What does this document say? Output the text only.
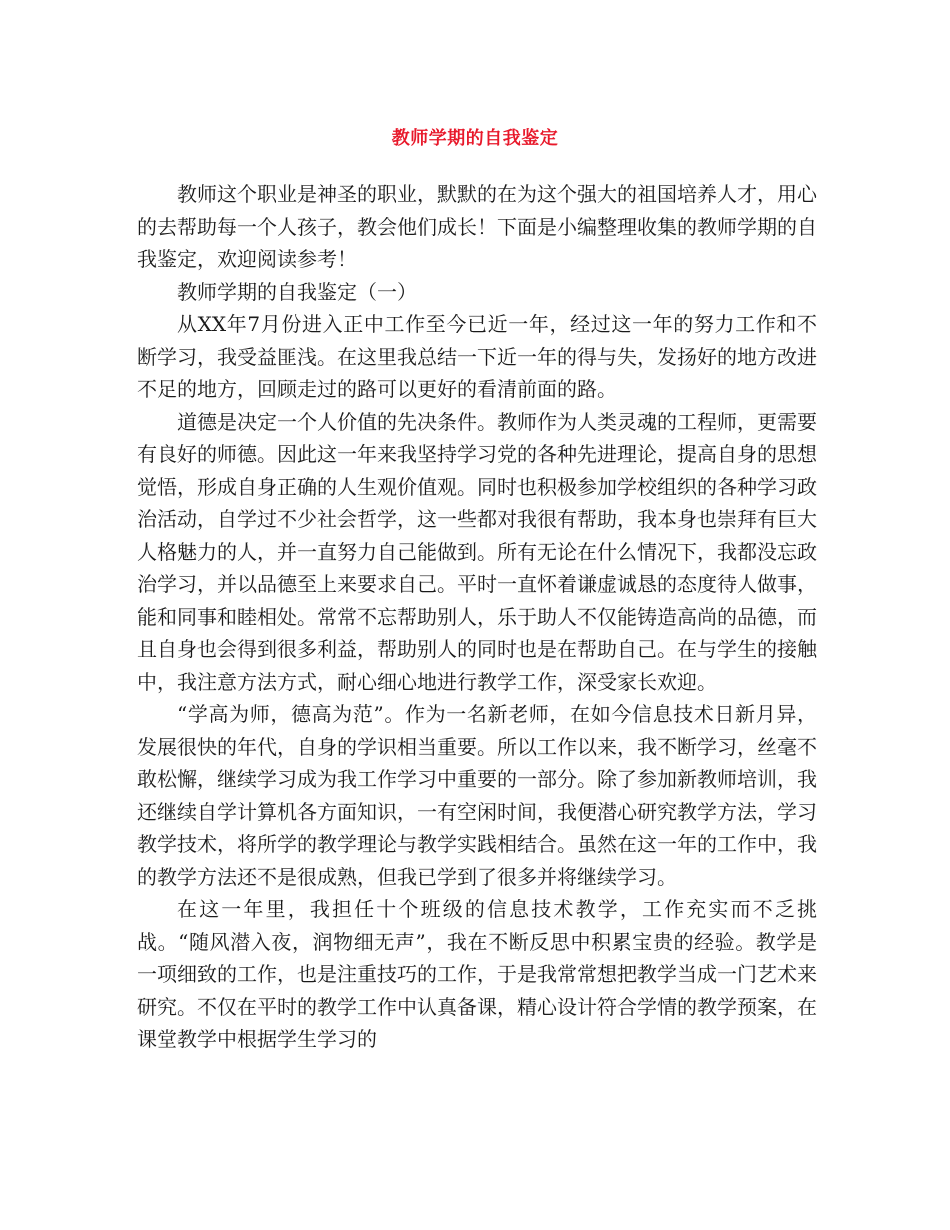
教师学期的自我鉴定

教师这个职业是神圣的职业，默默的在为这个强大的祖国培养人才，用心的去帮助每一个人孩子，教会他们成长！下面是小编整理收集的教师学期的自我鉴定，欢迎阅读参考！

教师学期的自我鉴定（一）

从XX年7月份进入正中工作至今已近一年，经过这一年的努力工作和不断学习，我受益匪浅。在这里我总结一下近一年的得与失，发扬好的地方改进不足的地方，回顾走过的路可以更好的看清前面的路。

道德是决定一个人价值的先决条件。教师作为人类灵魂的工程师，更需要有良好的师德。因此这一年来我坚持学习党的各种先进理论，提高自身的思想觉悟，形成自身正确的人生观价值观。同时也积极参加学校组织的各种学习政治活动，自学过不少社会哲学，这一些都对我很有帮助，我本身也崇拜有巨大人格魅力的人，并一直努力自己能做到。所有无论在什么情况下，我都没忘政治学习，并以品德至上来要求自己。平时一直怀着谦虚诚恳的态度待人做事，能和同事和睦相处。常常不忘帮助别人，乐于助人不仅能铸造高尚的品德，而且自身也会得到很多利益，帮助别人的同时也是在帮助自己。在与学生的接触中，我注意方法方式，耐心细心地进行教学工作，深受家长欢迎。

“学高为师，德高为范”。作为一名新老师，在如今信息技术日新月异，发展很快的年代，自身的学识相当重要。所以工作以来，我不断学习，丝毫不敢松懈，继续学习成为我工作学习中重要的一部分。除了参加新教师培训，我还继续自学计算机各方面知识，一有空闲时间，我便潜心研究教学方法，学习教学技术，将所学的教学理论与教学实践相结合。虽然在这一年的工作中，我的教学方法还不是很成熟，但我已学到了很多并将继续学习。

在这一年里，我担任十个班级的信息技术教学，工作充实而不乏挑战。“随风潜入夜，润物细无声”，我在不断反思中积累宝贵的经验。教学是一项细致的工作，也是注重技巧的工作，于是我常常想把教学当成一门艺术来研究。不仅在平时的教学工作中认真备课，精心设计符合学情的教学预案，在课堂教学中根据学生学习的
